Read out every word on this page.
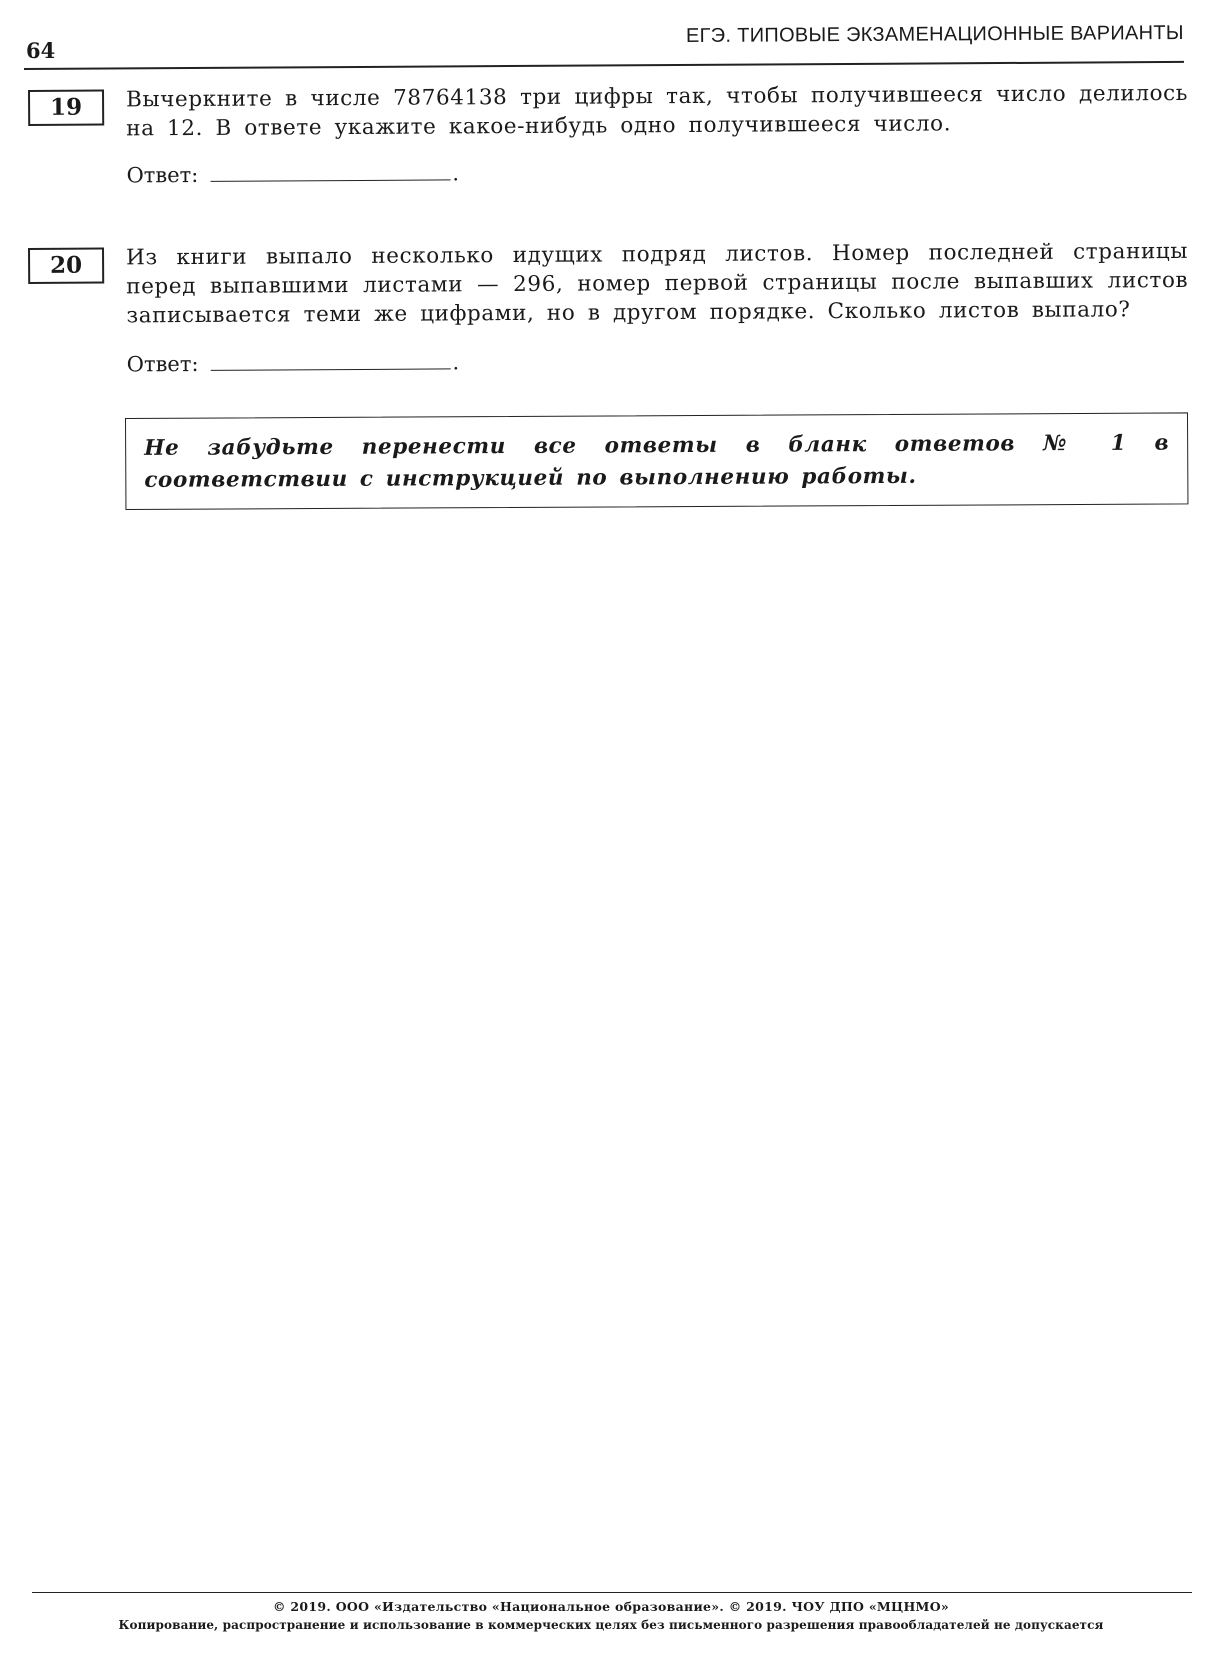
64
ЕГЭ. ТИПОВЫЕ ЭКЗАМЕНАЦИОННЫЕ ВАРИАНТЫ
19	Вычеркните в числе 78764138 три цифры так, чтобы получившееся число делилось на 12. В ответе укажите какое-нибудь одно получившееся число.
Ответ:	.
20	Из книги выпало несколько идущих подряд листов. Номер последней страницы перед выпавшими листами — 296, номер первой страницы после выпавших листов записывается теми же цифрами, но в другом порядке. Сколько листов выпало?
Ответ:	.
Не забудьте перенести все ответы в бланк ответов № 1 в соответствии с инструкцией по выполнению работы.
© 2019. ООО «Издательство «Национальное образование». © 2019. ЧОУ ДПО «МЦНМО»
Копирование, распространение и использование в коммерческих целях без письменного разрешения правообладателей не допускается
